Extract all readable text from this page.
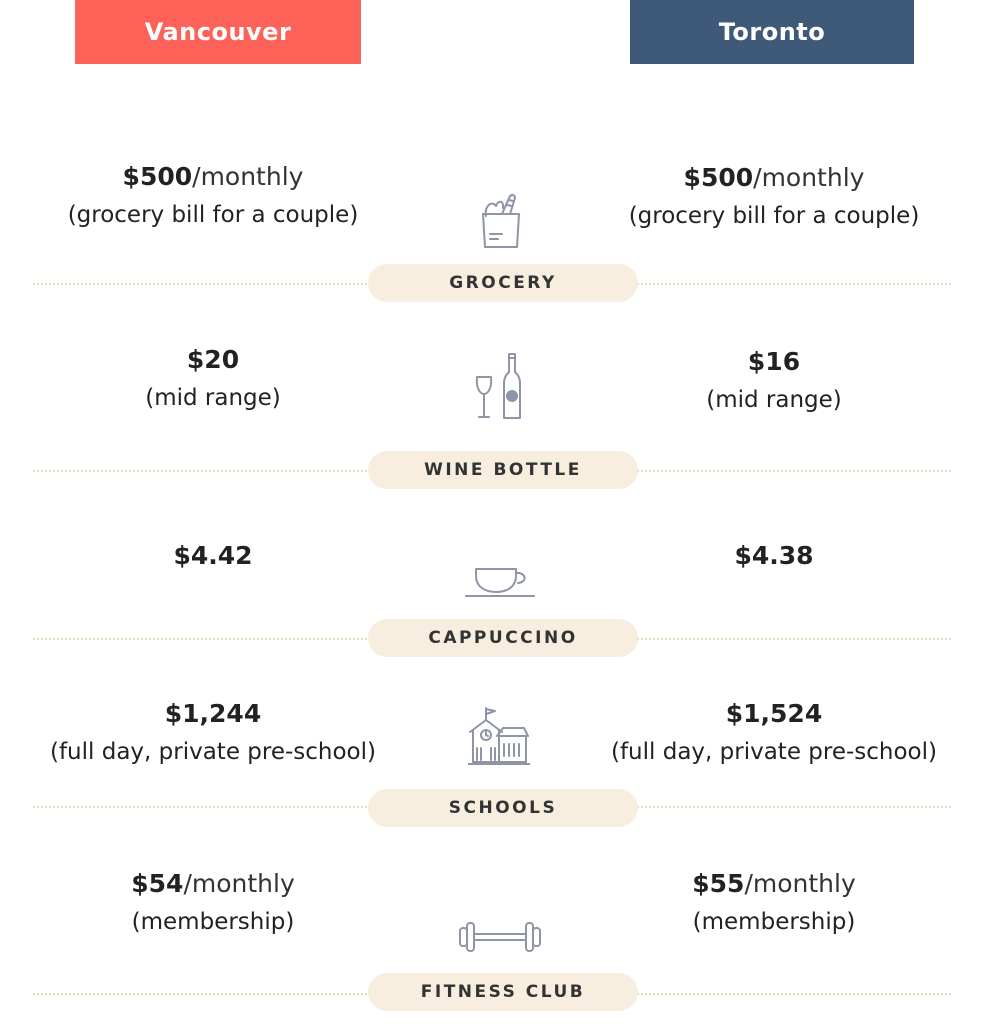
Vancouver	Toronto
$500/monthly
(grocery bill for a couple)
$500/monthly
(grocery bill for a couple)
GROCERY
$20
(mid range)
$16
(mid range)
WINE BOTTLE
$4.42	$4.38
CAPPUCCINO
$1,244
(full day, private pre-school)
$1,524
(full day, private pre-school)
SCHOOLS
$54/monthly
(membership)
$55/monthly
(membership)
FITNESS CLUB
